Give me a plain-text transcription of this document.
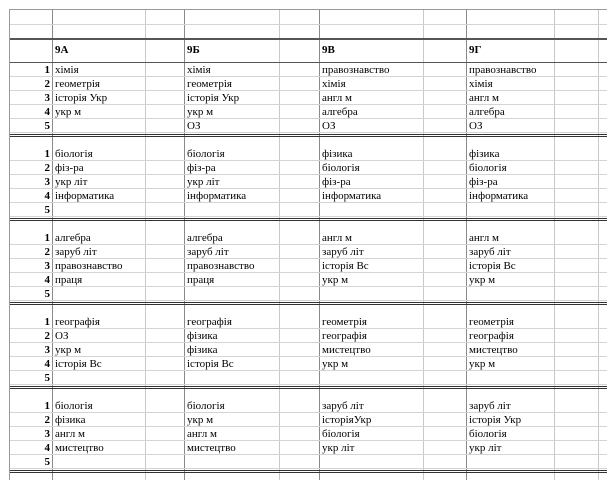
9А	9Б	9В	9Г
1 хімія	хімія	правознавство	правознавство
2 геометрія	геометрія	хімія	хімія
3 історія Укр	історія Укр	англ м	англ м
4 укр м	укр м	алгебра	алгебра
5	ОЗ	ОЗ	ОЗ
1 біологія	біологія	фізика	фізика
2 фіз-ра	фіз-ра	біологія	біологія
3 укр літ	укр літ	фіз-ра	фіз-ра
4 інформатика	інформатика	інформатика	інформатика
5
1 алгебра	алгебра	англ м	англ м
2 заруб літ	заруб літ	заруб літ	заруб літ
3 правознавство	правознавство	історія Вс	історія Вс
4 праця	праця	укр м	укр м
5
1 географія	географія	геометрія	геометрія
2 ОЗ	фізика	географія	географія
3 укр м	фізика	мистецтво	мистецтво
4 історія Вс	історія Вс	укр м	укр м
5
1 біологія	біологія	заруб літ	заруб літ
2 фізика	укр м	історіяУкр	історія Укр
3 англ м	англ м	біологія	біологія
4 мистецтво	мистецтво	укр літ	укр літ
5
